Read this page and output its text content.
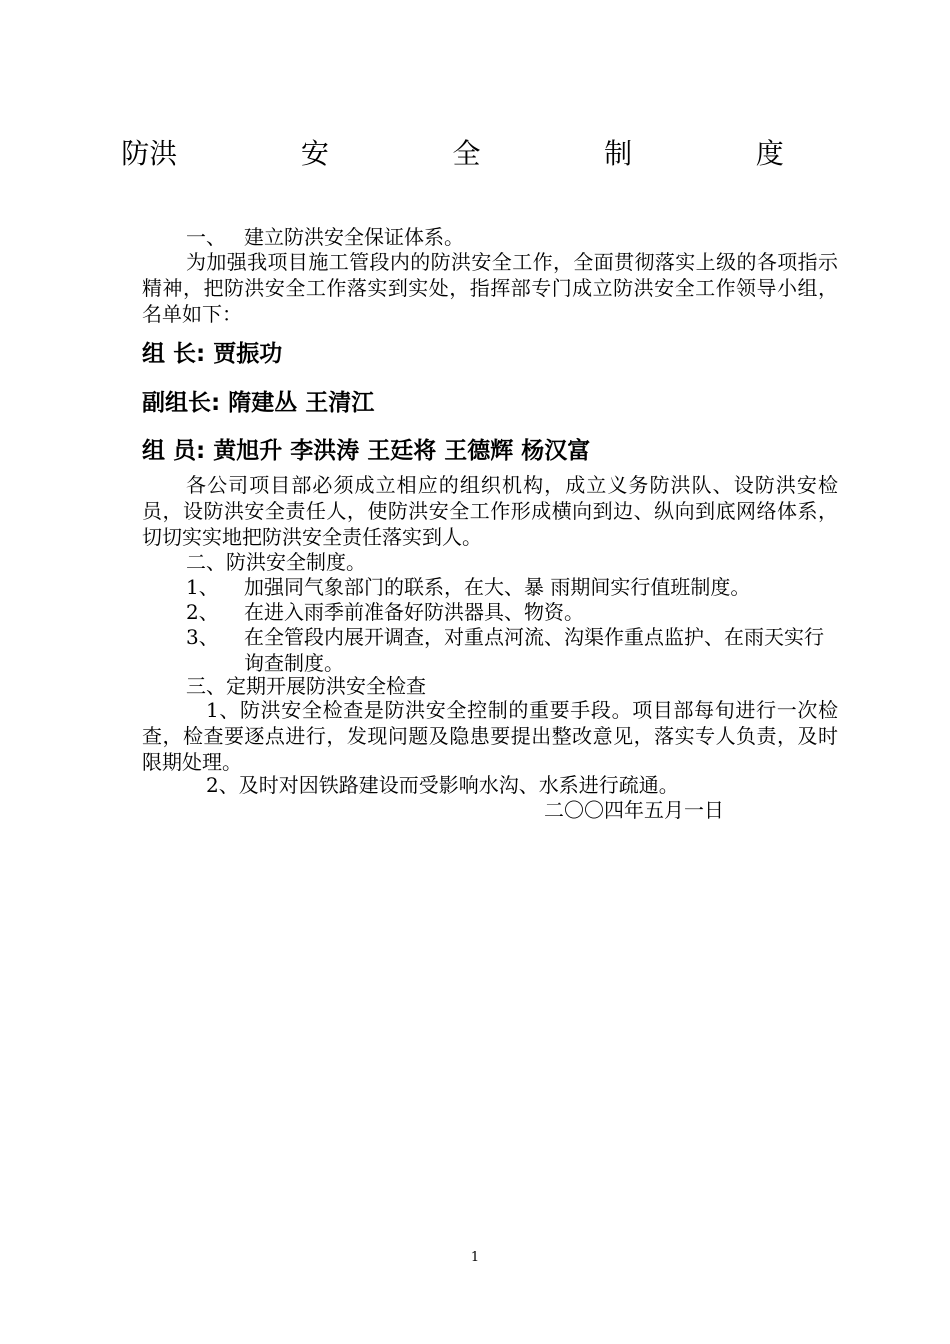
防洪    安    全    制    度
一、 建立防洪安全保证体系。
为加强我项目施工管段内的防洪安全工作，全面贯彻落实上级的各项指示精神，把防洪安全工作落实到实处，指挥部专门成立防洪安全工作领导小组，名单如下：
组 长: 贾振功
副组长: 隋建丛 王清江
组 员: 黄旭升 李洪涛 王廷将 王德辉 杨汉富
各公司项目部必须成立相应的组织机构，成立义务防洪队、设防洪安检员，设防洪安全责任人，使防洪安全工作形成横向到边、纵向到底网络体系，切切实实地把防洪安全责任落实到人。
二、防洪安全制度。
1、	加强同气象部门的联系，在大、暴 雨期间实行值班制度。
2、	在进入雨季前准备好防洪器具、物资。
3、	在全管段内展开调查，对重点河流、沟渠作重点监护、在雨天实行询查制度。
三、定期开展防洪安全检查
1、防洪安全检查是防洪安全控制的重要手段。项目部每旬进行一次检查，检查要逐点进行，发现问题及隐患要提出整改意见，落实专人负责，及时限期处理。
2、及时对因铁路建设而受影响水沟、水系进行疏通。
二〇〇四年五月一日
1
